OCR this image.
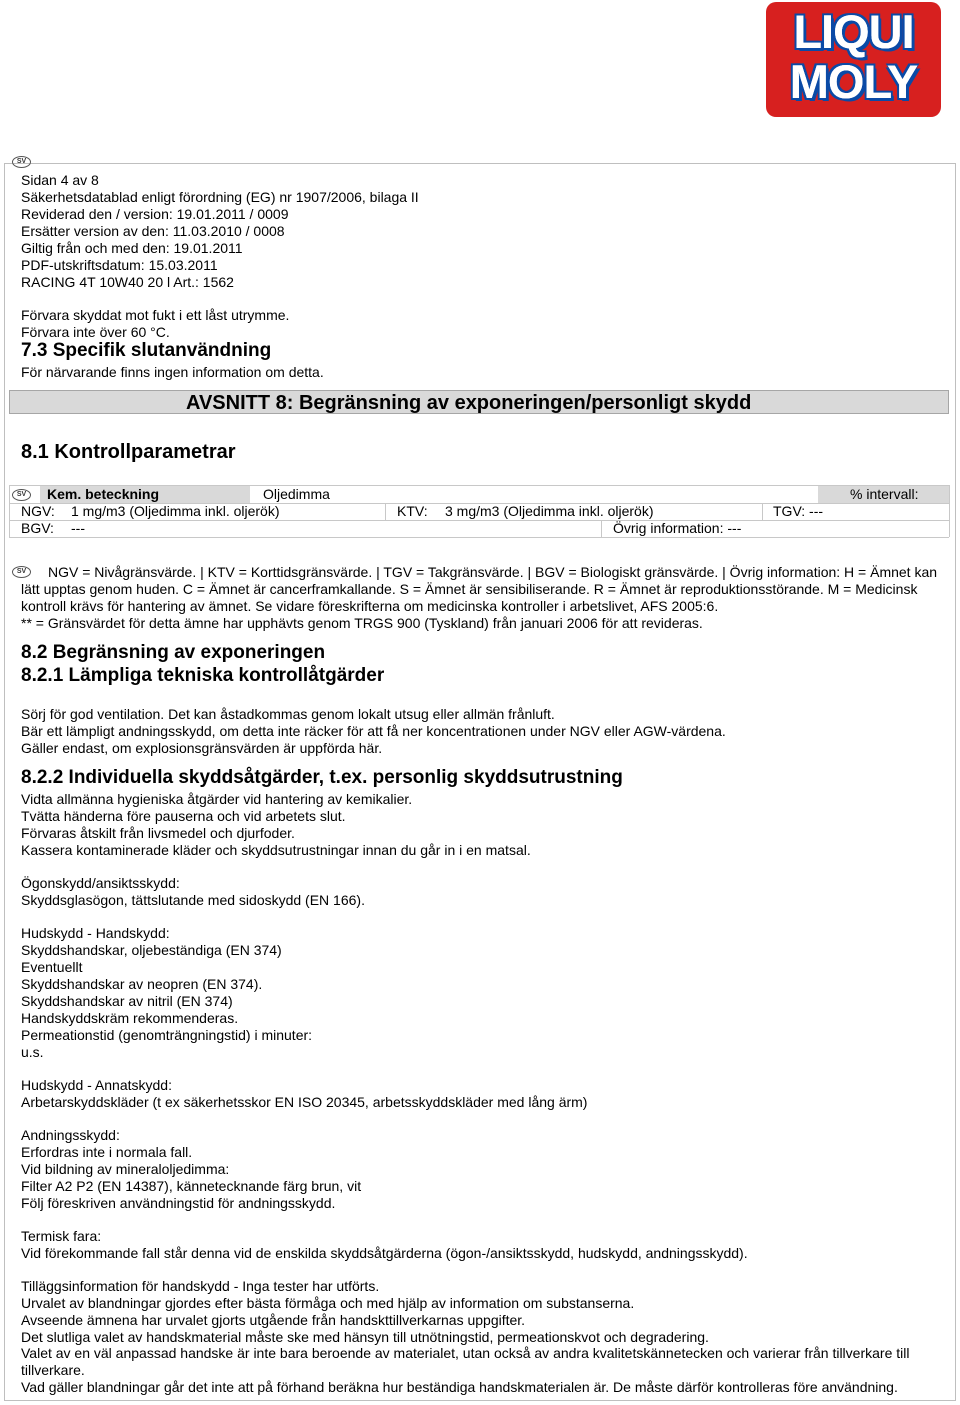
LIQUI
MOLY
SV
Sidan 4 av 8
Säkerhetsdatablad enligt förordning (EG) nr 1907/2006, bilaga II
Reviderad den / version: 19.01.2011 / 0009
Ersätter version av den: 11.03.2010 / 0008
Giltig från och med den: 19.01.2011
PDF-utskriftsdatum: 15.03.2011
RACING 4T 10W40 20 l Art.: 1562
Förvara skyddat mot fukt i ett låst utrymme.
Förvara inte över 60 °C.
7.3 Specifik slutanvändning
För närvarande finns ingen information om detta.
AVSNITT 8: Begränsning av exponeringen/personligt skydd
8.1 Kontrollparametrar
SV	Kem. beteckning	Oljedimma	% intervall:
NGV: 1 mg/m3 (Oljedimma inkl. oljerök)	KTV: 3 mg/m3 (Oljedimma inkl. oljerök)	TGV: ---
BGV: ---	Övrig information: ---
SV	NGV = Nivågränsvärde. | KTV = Korttidsgränsvärde. | TGV = Takgränsvärde. | BGV = Biologiskt gränsvärde. | Övrig information: H = Ämnet kan lätt upptas genom huden. C = Ämnet är cancerframkallande. S = Ämnet är sensibiliserande. R = Ämnet är reproduktionsstörande. M = Medicinsk kontroll krävs för hantering av ämnet. Se vidare föreskrifterna om medicinska kontroller i arbetslivet, AFS 2005:6.
** = Gränsvärdet för detta ämne har upphävts genom TRGS 900 (Tyskland) från januari 2006 för att revideras.
8.2 Begränsning av exponeringen
8.2.1 Lämpliga tekniska kontrollåtgärder
Sörj för god ventilation. Det kan åstadkommas genom lokalt utsug eller allmän frånluft.
Bär ett lämpligt andningsskydd, om detta inte räcker för att få ner koncentrationen under NGV eller AGW-värdena.
Gäller endast, om explosionsgränsvärden är uppförda här.
8.2.2 Individuella skyddsåtgärder, t.ex. personlig skyddsutrustning
Vidta allmänna hygieniska åtgärder vid hantering av kemikalier.
Tvätta händerna före pauserna och vid arbetets slut.
Förvaras åtskilt från livsmedel och djurfoder.
Kassera kontaminerade kläder och skyddsutrustningar innan du går in i en matsal.
Ögonskydd/ansiktsskydd:
Skyddsglasögon, tättslutande med sidoskydd (EN 166).
Hudskydd - Handskydd:
Skyddshandskar, oljebeständiga (EN 374)
Eventuellt
Skyddshandskar av neopren (EN 374).
Skyddshandskar av nitril (EN 374)
Handskyddskräm rekommenderas.
Permeationstid (genomträngningstid) i minuter:
u.s.
Hudskydd - Annatskydd:
Arbetarskyddskläder (t ex säkerhetsskor EN ISO 20345, arbetsskyddskläder med lång ärm)
Andningsskydd:
Erfordras inte i normala fall.
Vid bildning av mineraloljedimma:
Filter A2 P2 (EN 14387), kännetecknande färg brun, vit
Följ föreskriven användningstid för andningsskydd.
Termisk fara:
Vid förekommande fall står denna vid de enskilda skyddsåtgärderna (ögon-/ansiktsskydd, hudskydd, andningsskydd).
Tilläggsinformation för handskydd - Inga tester har utförts.
Urvalet av blandningar gjordes efter bästa förmåga och med hjälp av information om substanserna.
Avseende ämnena har urvalet gjorts utgående från handskttillverkarnas uppgifter.
Det slutliga valet av handskmaterial måste ske med hänsyn till utnötningstid, permeationskvot och degradering.
Valet av en väl anpassad handske är inte bara beroende av materialet, utan också av andra kvalitetskännetecken och varierar från tillverkare till tillverkare.
Vad gäller blandningar går det inte att på förhand beräkna hur beständiga handskmaterialen är. De måste därför kontrolleras före användning.
